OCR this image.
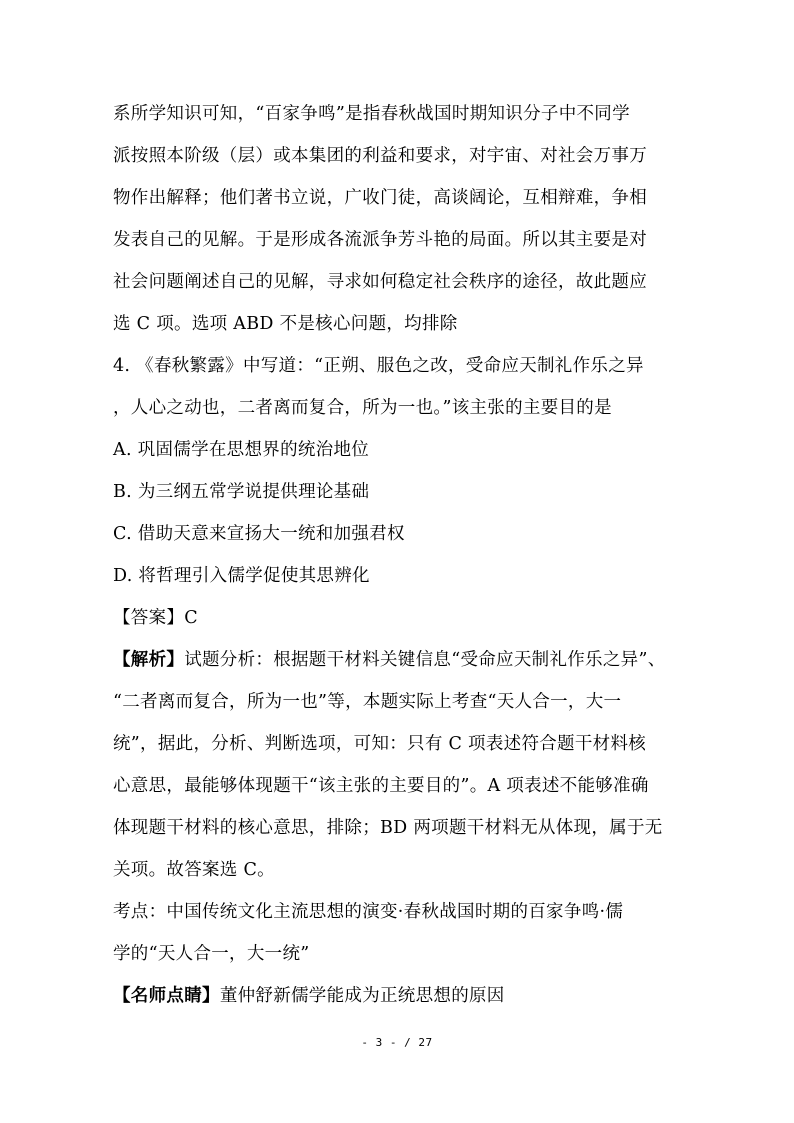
系所学知识可知，“百家争鸣”是指春秋战国时期知识分子中不同学
派按照本阶级（层）或本集团的利益和要求，对宇宙、对社会万事万
物作出解释；他们著书立说，广收门徒，高谈阔论，互相辩难，争相
发表自己的见解。于是形成各流派争芳斗艳的局面。所以其主要是对
社会问题阐述自己的见解，寻求如何稳定社会秩序的途径，故此题应
选 C 项。选项 ABD 不是核心问题，均排除
4. 《春秋繁露》中写道：“正朔、服色之改，受命应天制礼作乐之异
，人心之动也，二者离而复合，所为一也。”该主张的主要目的是
A. 巩固儒学在思想界的统治地位
B. 为三纲五常学说提供理论基础
C. 借助天意来宣扬大一统和加强君权
D. 将哲理引入儒学促使其思辨化
【答案】C
【解析】试题分析：根据题干材料关键信息“受命应天制礼作乐之异”、
“二者离而复合，所为一也”等，本题实际上考查“天人合一，大一
统”，据此，分析、判断选项，可知：只有 C 项表述符合题干材料核
心意思，最能够体现题干“该主张的主要目的”。A 项表述不能够准确
体现题干材料的核心意思，排除；BD 两项题干材料无从体现，属于无
关项。故答案选 C。
考点：中国传统文化主流思想的演变·春秋战国时期的百家争鸣·儒
学的“天人合一，大一统”
【名师点睛】董仲舒新儒学能成为正统思想的原因
- 3 - / 27
